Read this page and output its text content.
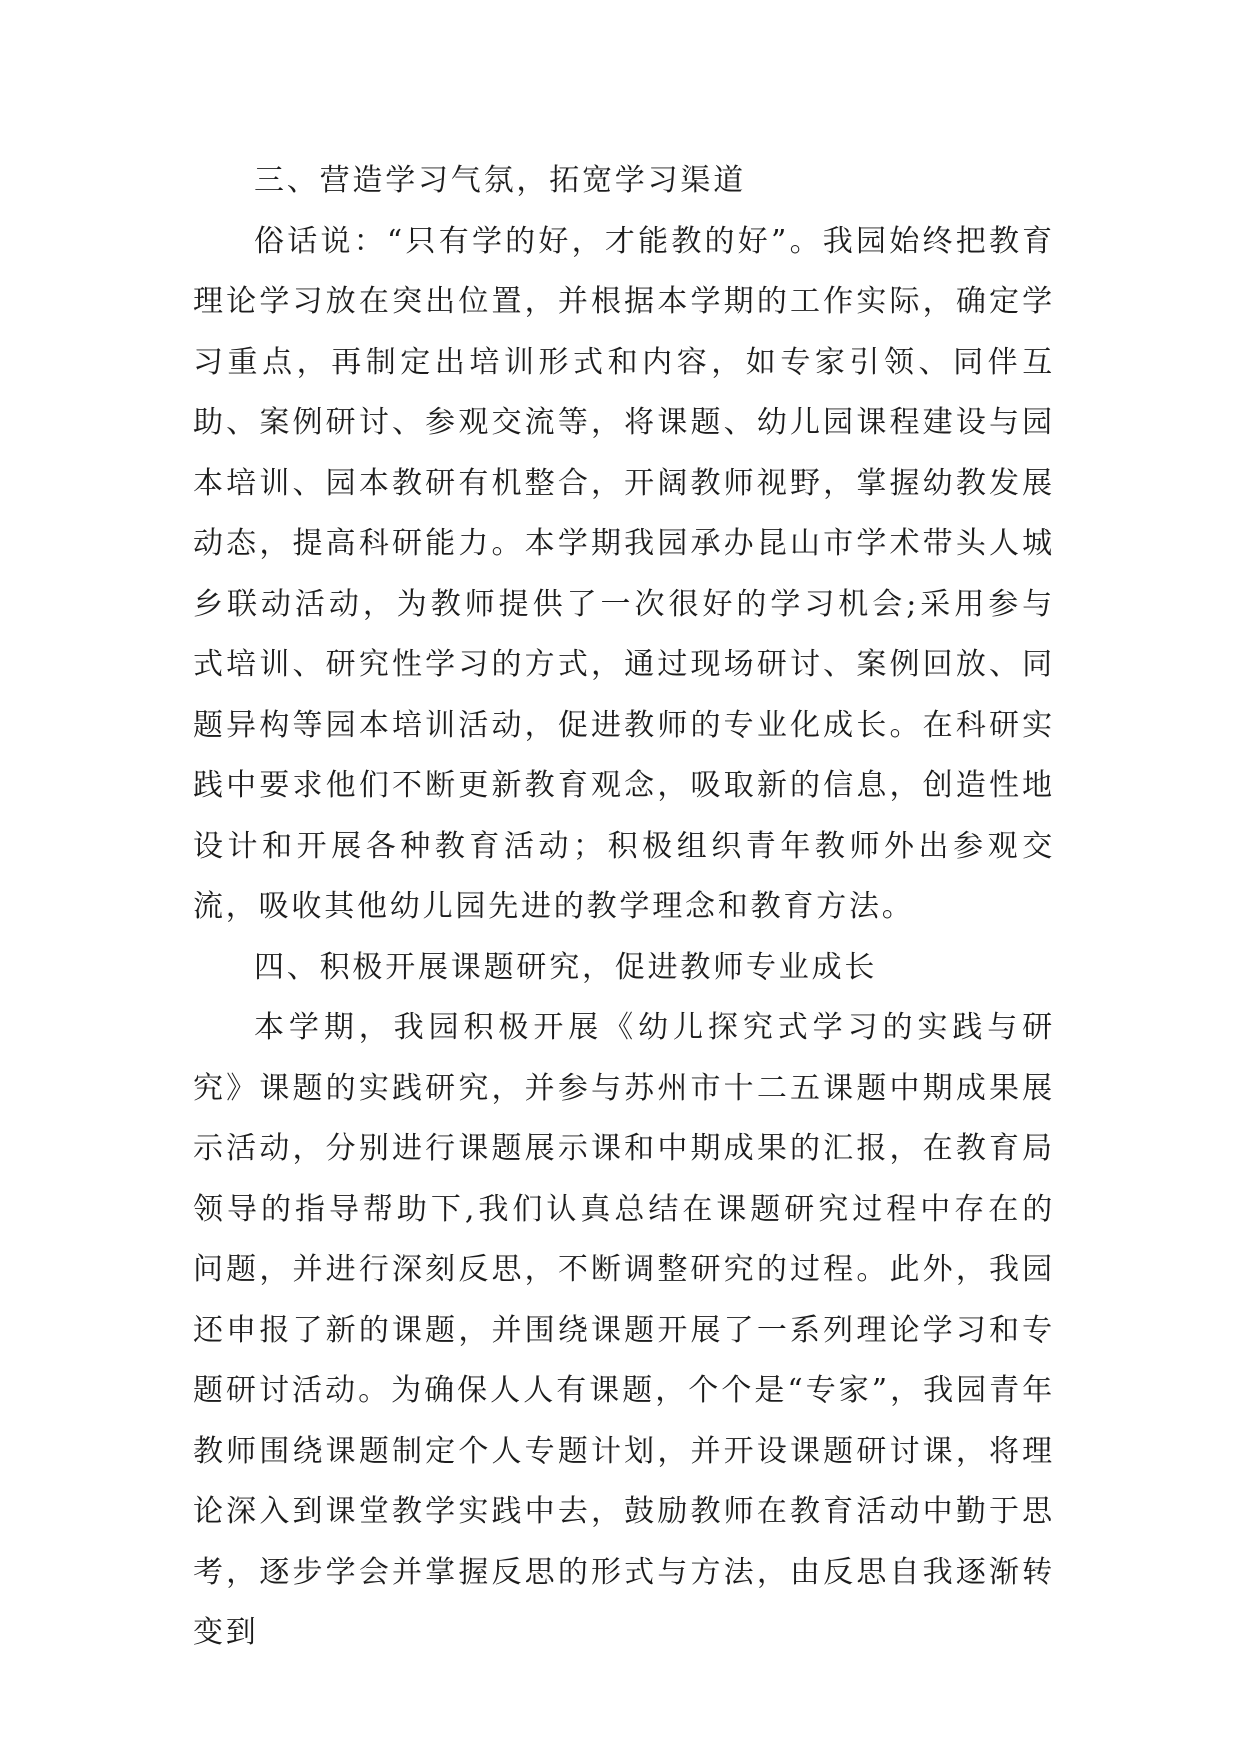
三、营造学习气氛，拓宽学习渠道

俗话说：“只有学的好，才能教的好”。我园始终把教育理论学习放在突出位置，并根据本学期的工作实际，确定学习重点，再制定出培训形式和内容，如专家引领、同伴互助、案例研讨、参观交流等，将课题、幼儿园课程建设与园本培训、园本教研有机整合，开阔教师视野，掌握幼教发展动态，提高科研能力。本学期我园承办昆山市学术带头人城乡联动活动，为教师提供了一次很好的学习机会;采用参与式培训、研究性学习的方式，通过现场研讨、案例回放、同题异构等园本培训活动，促进教师的专业化成长。在科研实践中要求他们不断更新教育观念，吸取新的信息，创造性地设计和开展各种教育活动；积极组织青年教师外出参观交流，吸收其他幼儿园先进的教学理念和教育方法。

四、积极开展课题研究，促进教师专业成长

本学期，我园积极开展《幼儿探究式学习的实践与研究》课题的实践研究，并参与苏州市十二五课题中期成果展示活动，分别进行课题展示课和中期成果的汇报，在教育局领导的指导帮助下,我们认真总结在课题研究过程中存在的问题，并进行深刻反思，不断调整研究的过程。此外，我园还申报了新的课题，并围绕课题开展了一系列理论学习和专题研讨活动。为确保人人有课题，个个是“专家”，我园青年教师围绕课题制定个人专题计划，并开设课题研讨课，将理论深入到课堂教学实践中去，鼓励教师在教育活动中勤于思考，逐步学会并掌握反思的形式与方法，由反思自我逐渐转变到
